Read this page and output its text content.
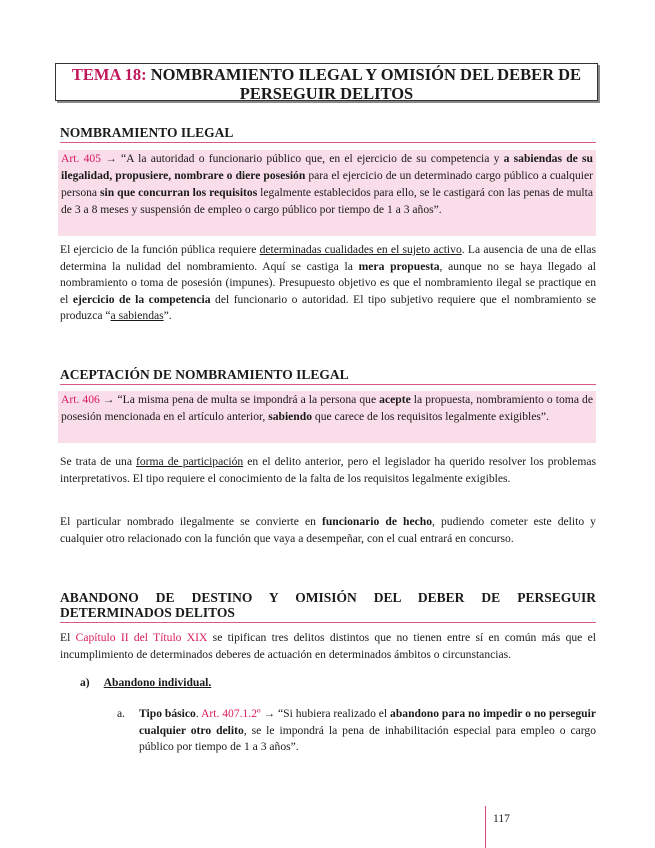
TEMA 18: NOMBRAMIENTO ILEGAL Y OMISIÓN DEL DEBER DE
PERSEGUIR DELITOS
NOMBRAMIENTO ILEGAL
Art. 405 → “A la autoridad o funcionario público que, en el ejercicio de su competencia y a sabiendas de su ilegalidad, propusiere, nombrare o diere posesión para el ejercicio de un determinado cargo público a cualquier persona sin que concurran los requisitos legalmente establecidos para ello, se le castigará con las penas de multa de 3 a 8 meses y suspensión de empleo o cargo público por tiempo de 1 a 3 años”.
El ejercicio de la función pública requiere determinadas cualidades en el sujeto activo. La ausencia de una de ellas determina la nulidad del nombramiento. Aquí se castiga la mera propuesta, aunque no se haya llegado al nombramiento o toma de posesión (impunes). Presupuesto objetivo es que el nombramiento ilegal se practique en el ejercicio de la competencia del funcionario o autoridad. El tipo subjetivo requiere que el nombramiento se produzca “a sabiendas”.
ACEPTACIÓN DE NOMBRAMIENTO ILEGAL
Art. 406 → “La misma pena de multa se impondrá a la persona que acepte la propuesta, nombramiento o toma de posesión mencionada en el artículo anterior, sabiendo que carece de los requisitos legalmente exigibles”.
Se trata de una forma de participación en el delito anterior, pero el legislador ha querido resolver los problemas interpretativos. El tipo requiere el conocimiento de la falta de los requisitos legalmente exigibles.
El particular nombrado ilegalmente se convierte en funcionario de hecho, pudiendo cometer este delito y cualquier otro relacionado con la función que vaya a desempeñar, con el cual entrará en concurso.
ABANDONO DE DESTINO Y OMISIÓN DEL DEBER DE PERSEGUIR
DETERMINADOS DELITOS
El Capítulo II del Título XIX se tipifican tres delitos distintos que no tienen entre sí en común más que el incumplimiento de determinados deberes de actuación en determinados ámbitos o circunstancias.
a) Abandono individual.
a. Tipo básico. Art. 407.1.2º → “Si hubiera realizado el abandono para no impedir o no perseguir cualquier otro delito, se le impondrá la pena de inhabilitación especial para empleo o cargo público por tiempo de 1 a 3 años”.
117
